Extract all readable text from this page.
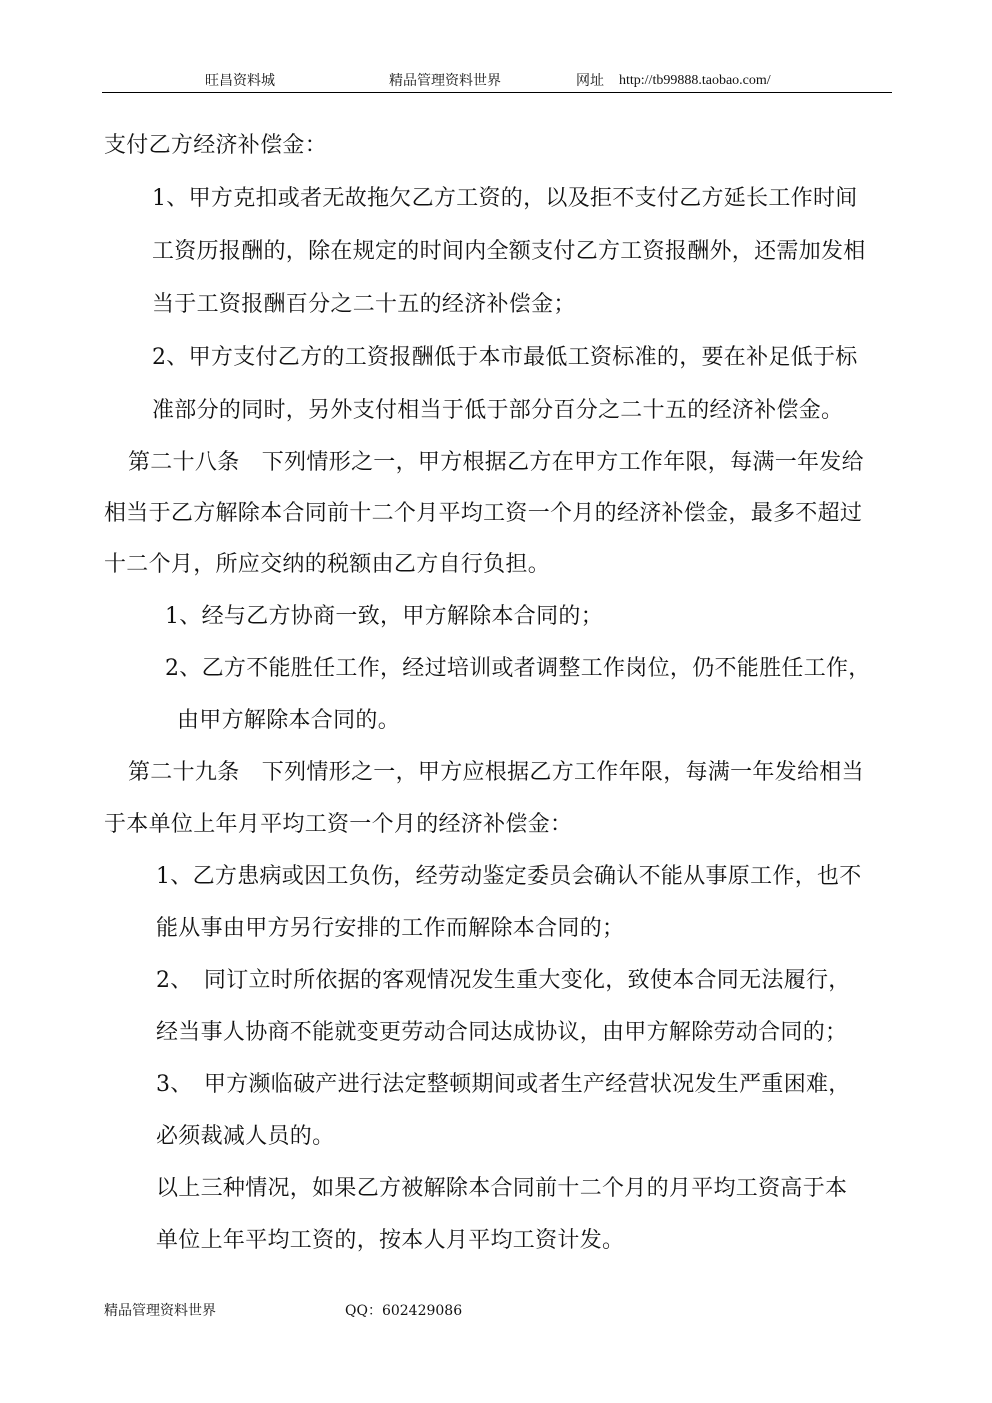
旺昌资料城	精品管理资料世界	网址 http://tb99888.taobao.com/
支付乙方经济补偿金：
1、甲方克扣或者无故拖欠乙方工资的，以及拒不支付乙方延长工作时间
工资历报酬的，除在规定的时间内全额支付乙方工资报酬外，还需加发相
当于工资报酬百分之二十五的经济补偿金；
2、甲方支付乙方的工资报酬低于本市最低工资标准的，要在补足低于标
准部分的同时，另外支付相当于低于部分百分之二十五的经济补偿金。
第二十八条　下列情形之一，甲方根据乙方在甲方工作年限，每满一年发给
相当于乙方解除本合同前十二个月平均工资一个月的经济补偿金，最多不超过
十二个月，所应交纳的税额由乙方自行负担。
1、经与乙方协商一致，甲方解除本合同的；
2、乙方不能胜任工作，经过培训或者调整工作岗位，仍不能胜任工作，
由甲方解除本合同的。
第二十九条　下列情形之一，甲方应根据乙方工作年限，每满一年发给相当
于本单位上年月平均工资一个月的经济补偿金：
1、乙方患病或因工负伤，经劳动鉴定委员会确认不能从事原工作，也不
能从事由甲方另行安排的工作而解除本合同的；
2、　同订立时所依据的客观情况发生重大变化，致使本合同无法履行，
经当事人协商不能就变更劳动合同达成协议，由甲方解除劳动合同的；
3、　甲方濒临破产进行法定整顿期间或者生产经营状况发生严重困难，
必须裁减人员的。
以上三种情况，如果乙方被解除本合同前十二个月的月平均工资高于本
单位上年平均工资的，按本人月平均工资计发。
精品管理资料世界	QQ：602429086
